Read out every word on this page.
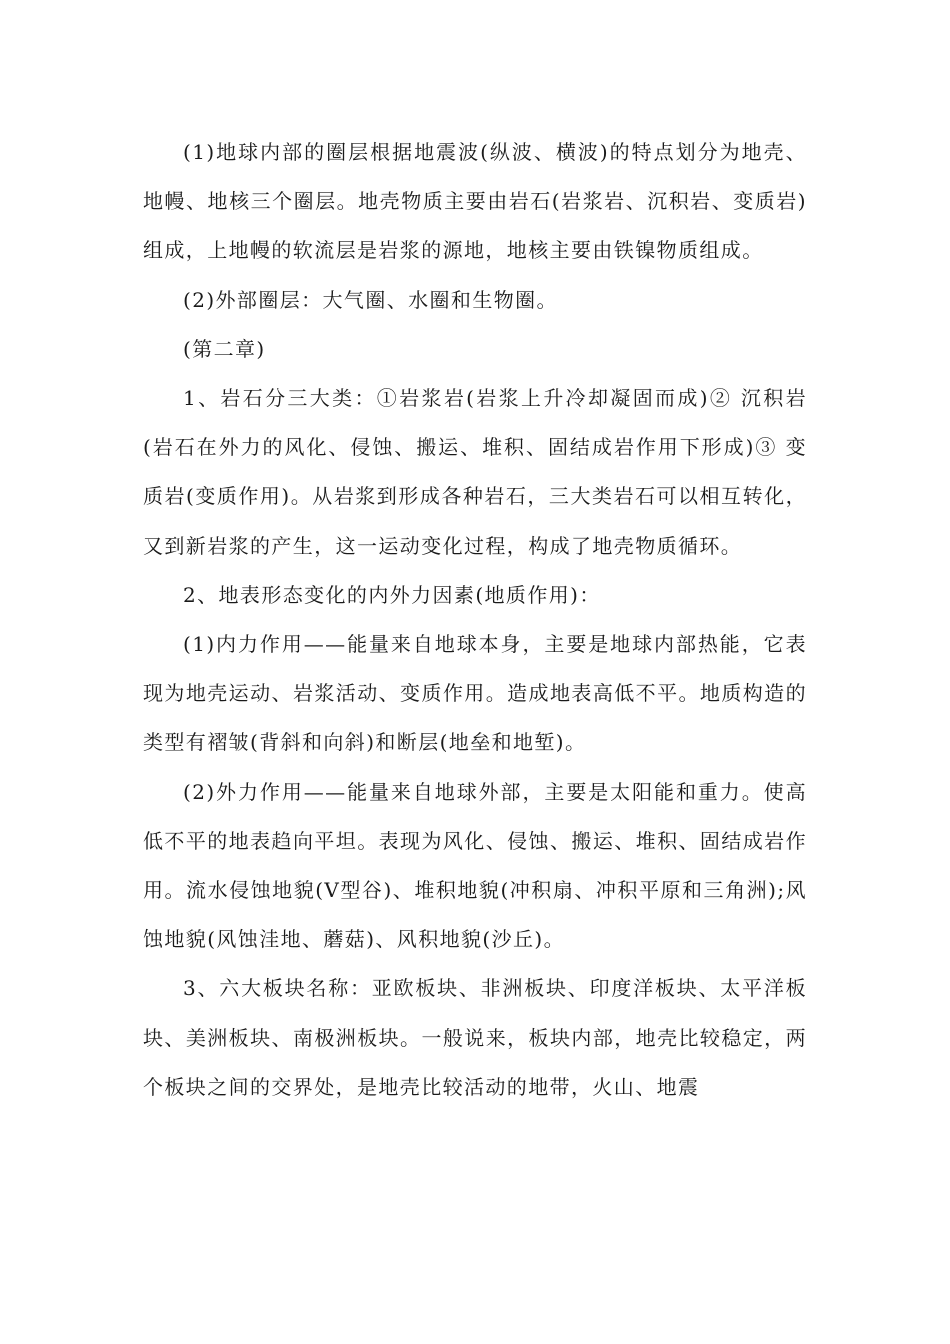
(1)地球内部的圈层根据地震波(纵波、横波)的特点划分为地壳、地幔、地核三个圈层。地壳物质主要由岩石(岩浆岩、沉积岩、变质岩)组成，上地幔的软流层是岩浆的源地，地核主要由铁镍物质组成。

(2)外部圈层：大气圈、水圈和生物圈。

(第二章)

1、岩石分三大类：①岩浆岩(岩浆上升冷却凝固而成)② 沉积岩(岩石在外力的风化、侵蚀、搬运、堆积、固结成岩作用下形成)③ 变质岩(变质作用)。从岩浆到形成各种岩石，三大类岩石可以相互转化，又到新岩浆的产生，这一运动变化过程，构成了地壳物质循环。

2、地表形态变化的内外力因素(地质作用)：

(1)内力作用——能量来自地球本身，主要是地球内部热能，它表现为地壳运动、岩浆活动、变质作用。造成地表高低不平。地质构造的类型有褶皱(背斜和向斜)和断层(地垒和地堑)。

(2)外力作用——能量来自地球外部，主要是太阳能和重力。使高低不平的地表趋向平坦。表现为风化、侵蚀、搬运、堆积、固结成岩作用。流水侵蚀地貌(V型谷)、堆积地貌(冲积扇、冲积平原和三角洲);风蚀地貌(风蚀洼地、蘑菇)、风积地貌(沙丘)。

3、六大板块名称：亚欧板块、非洲板块、印度洋板块、太平洋板块、美洲板块、南极洲板块。一般说来，板块内部，地壳比较稳定，两个板块之间的交界处，是地壳比较活动的地带，火山、地震
